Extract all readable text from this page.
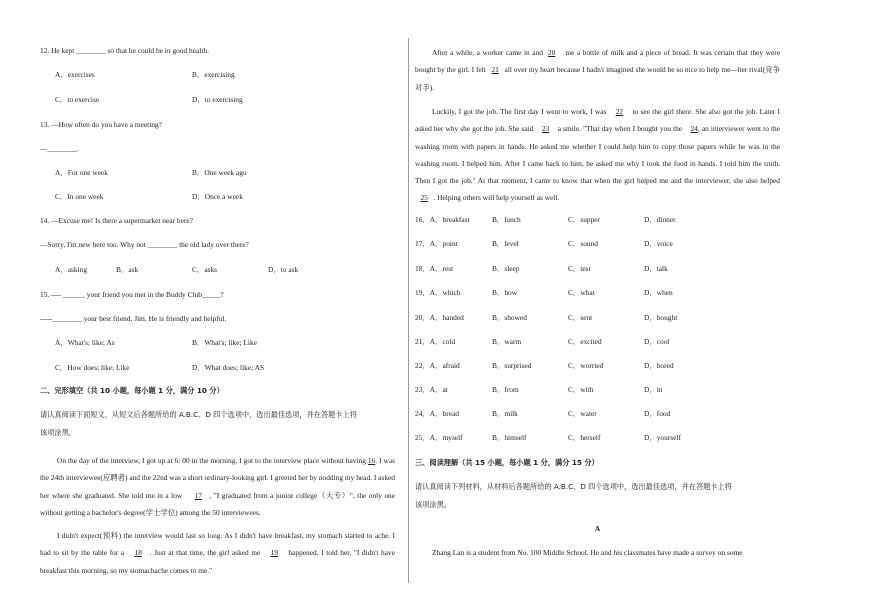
12. He kept ________ so that he could be in good health.
A．exercises	B．exercising
C．to exercise	D．to exercising
13. —How often do you have a meeting?
—________.
A．For one week	B．One week ago
C．In one week	D．Once a week
14. —Excuse me! Is there a supermarket near here?
—Sorry, I'm new here too. Why not ________ the old lady over there?
A．asking	B．ask	C．asks	D．to ask
15. ---- ______ your friend you met in the Buddy Club_____?
-----________ your best friend, Jim. He is friendly and helpful.
A．What's; like; As	B．What's; like; Like
C．How does; like; Like	D．What does; like; AS
二、完形填空（共 10 小题，每小题 1 分，满分 10 分）
请认真阅读下面短文，从短文后各题所给的 A.B.C、D 四个选项中，选出最佳选项，并在答题卡上将
该项涂黑。
On the day of the interview, I got up at 6: 00 in the morning. I got to the interview place without having 16. I was the 24th interviewee(应聘者) and the 22nd was a short ordinary-looking girl. I greeted her by nodding my head. I asked her where she graduated. She told me in a low     17 , "I graduated from a junior college（大专）", the only one without getting a bachelor's degree(学士学位) among the 50 interviewees.
I didn't expect(预料) the interview would last so long. As I didn't have breakfast, my stomach started to ache. I had to sit by the table for a    18 . Just at that time, the girl asked me    19    happened. I told her, "I didn't have breakfast this morning, so my stomachache comes to me."
After a while, a worker came in and  20    me a bottle of milk and a piece of bread. It was certain that they were bought by the girl. I felt   21   all over my heart because I hadn't imagined she would be so nice to help me—her rival(竞争对手).
Luckily, I got the job. The first day I went to work, I was    22    to see the girl there. She also got the job. Later I asked her why she got the job. She said    23    a smile. "That day when I bought you the    24, an interviewer went to the washing room with papers in hands. He asked me whether I could help him to copy those papers while he was in the washing room. I helped him. After I came back to him, he asked me why I took the food in hands. I told him the truth. Then I got the job." At that moment, I came to know that when the girl helped me and the interviewer, she also helped    25 . Helping others will help yourself as well.
16．A．breakfast	B．lunch	C．supper	D．dinner
17．A．point	B．level	C．sound	D．voice
18．A．rest	B．sleep	C．test	D．talk
19．A．which	B．how	C．what	D．when
20．A．handed	B．showed	C．sent	D．bought
21．A．cold	B．warm	C．excited	D．cool
22．A．afraid	B．surprised	C．worried	D．bored
23．A．at	B．from	C．with	D．in
24．A．bread	B．milk	C．water	D．food
25．A．myself	B．himself	C．herself	D．yourself
三、阅读理解（共 15 小题，每小题 1 分，满分 15 分）
请认真阅读下列材料，从材料后各题所给的 A.B.C、D 四个选项中，选出最佳选项，并在答题卡上将
该项涂黑。
A
Zhang Lan is a student from No. 100 Middle School. He and his classmates have made a survey on some
